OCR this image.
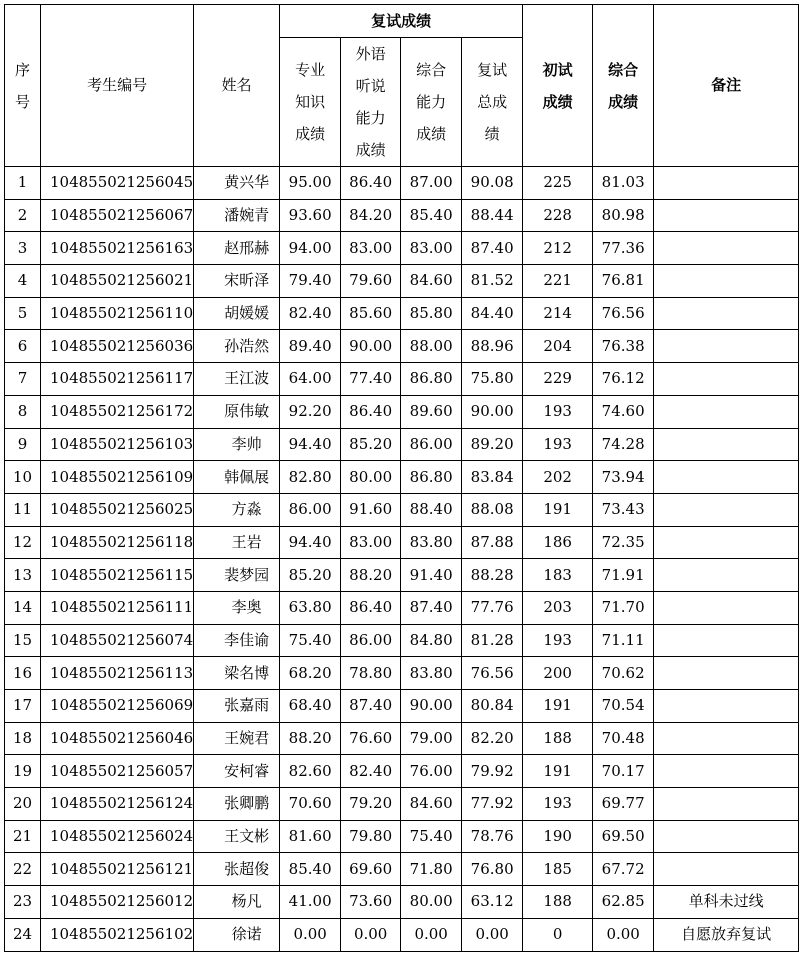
序号	考生编号	姓名	复试成绩				初试成绩	综合成绩	备注
			专业知识成绩	外语听说能力成绩	综合能力成绩	复试总成绩			
1	104855021256045	黄兴华	95.00	86.40	87.00	90.08	225	81.03	
2	104855021256067	潘婉青	93.60	84.20	85.40	88.44	228	80.98	
3	104855021256163	赵邢赫	94.00	83.00	83.00	87.40	212	77.36	
4	104855021256021	宋昕泽	79.40	79.60	84.60	81.52	221	76.81	
5	104855021256110	胡媛媛	82.40	85.60	85.80	84.40	214	76.56	
6	104855021256036	孙浩然	89.40	90.00	88.00	88.96	204	76.38	
7	104855021256117	王江波	64.00	77.40	86.80	75.80	229	76.12	
8	104855021256172	原伟敏	92.20	86.40	89.60	90.00	193	74.60	
9	104855021256103	李帅	94.40	85.20	86.00	89.20	193	74.28	
10	104855021256109	韩佩展	82.80	80.00	86.80	83.84	202	73.94	
11	104855021256025	方淼	86.00	91.60	88.40	88.08	191	73.43	
12	104855021256118	王岩	94.40	83.00	83.80	87.88	186	72.35	
13	104855021256115	裴梦园	85.20	88.20	91.40	88.28	183	71.91	
14	104855021256111	李奥	63.80	86.40	87.40	77.76	203	71.70	
15	104855021256074	李佳谕	75.40	86.00	84.80	81.28	193	71.11	
16	104855021256113	梁名博	68.20	78.80	83.80	76.56	200	70.62	
17	104855021256069	张嘉雨	68.40	87.40	90.00	80.84	191	70.54	
18	104855021256046	王婉君	88.20	76.60	79.00	82.20	188	70.48	
19	104855021256057	安柯睿	82.60	82.40	76.00	79.92	191	70.17	
20	104855021256124	张卿鹏	70.60	79.20	84.60	77.92	193	69.77	
21	104855021256024	王文彬	81.60	79.80	75.40	78.76	190	69.50	
22	104855021256121	张超俊	85.40	69.60	71.80	76.80	185	67.72	
23	104855021256012	杨凡	41.00	73.60	80.00	63.12	188	62.85	单科未过线
24	104855021256102	徐诺	0.00	0.00	0.00	0.00	0	0.00	自愿放弃复试
